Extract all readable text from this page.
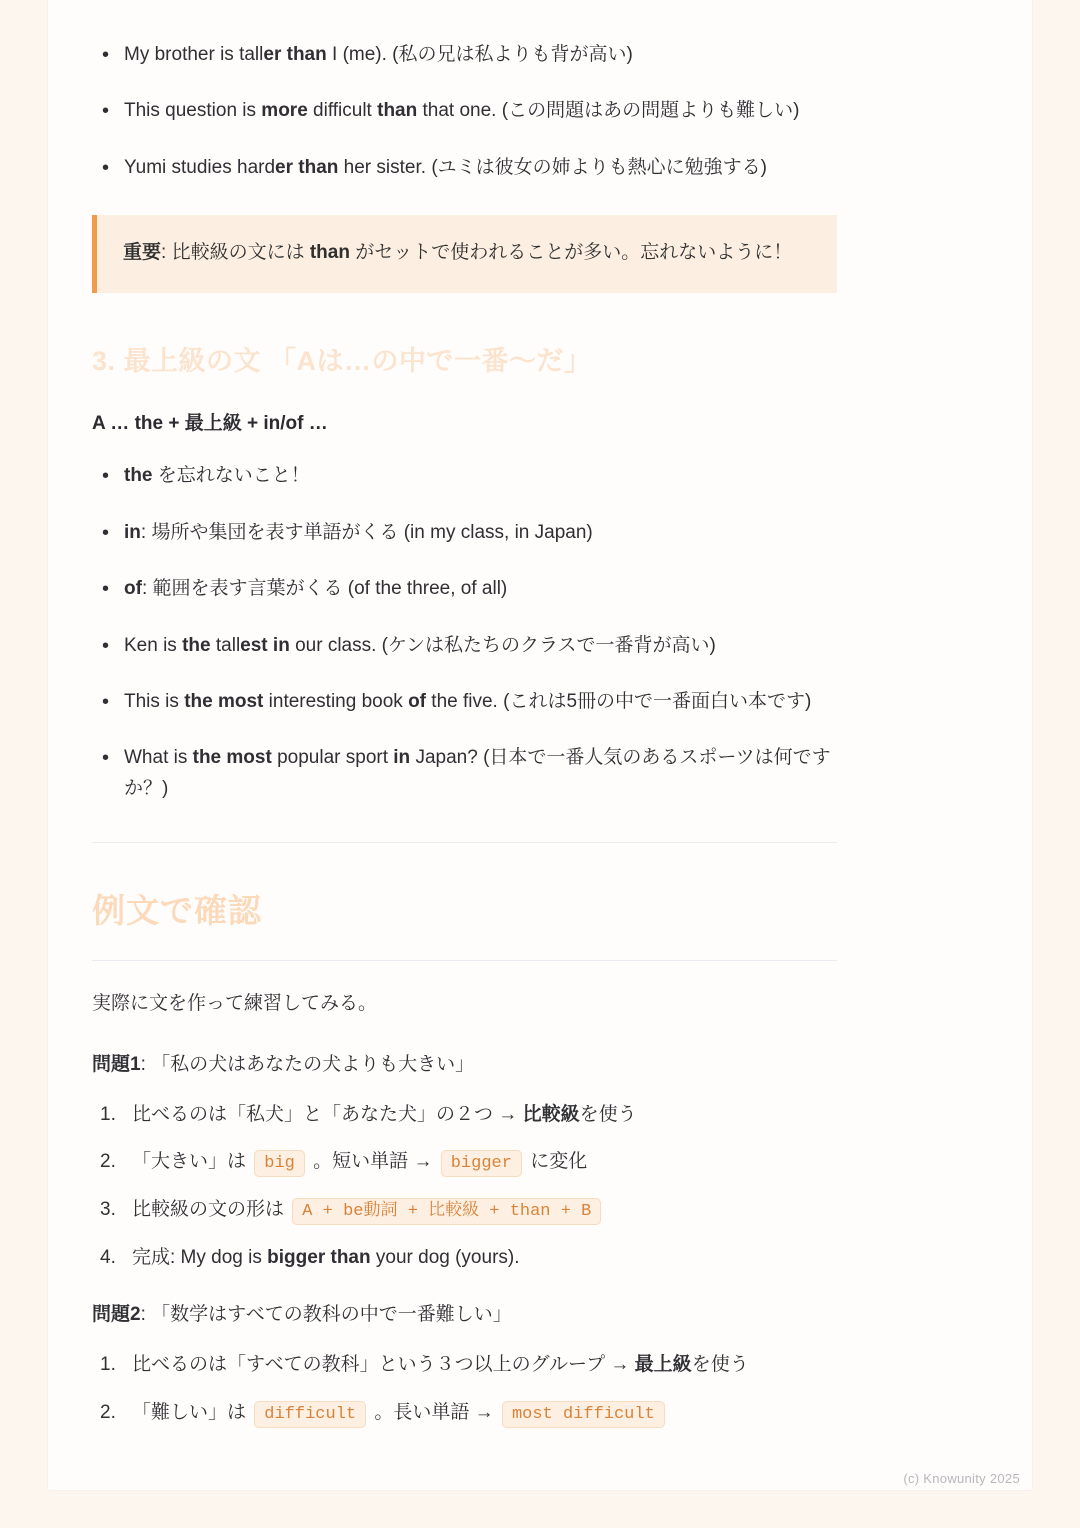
• My brother is taller than I (me). (私の兄は私よりも背が高い)
• This question is more difficult than that one. (この問題はあの問題よりも難しい)
• Yumi studies harder than her sister. (ユミは彼女の姉よりも熱心に勉強する)
重要: 比較級の文には than がセットで使われることが多い。忘れないように！
3. 最上級の文 「Aは…の中で一番〜だ」

A … the + 最上級 + in/of …

• the を忘れないこと！
• in: 場所や集団を表す単語がくる (in my class, in Japan)
• of: 範囲を表す言葉がくる (of the three, of all)
• Ken is the tallest in our class. (ケンは私たちのクラスで一番背が高い)
• This is the most interesting book of the five. (これは5冊の中で一番面白い本です)
• What is the most popular sport in Japan? (日本で一番人気のあるスポーツは何ですか？)
例文で確認

実際に文を作って練習してみる。

問題1: 「私の犬はあなたの犬よりも大きい」

比べるのは「私犬」と「あなた犬」の２つ → 比較級を使う
「大きい」は big 。短い単語 → bigger に変化
比較級の文の形は A + be動詞 + 比較級 + than + B
完成: My dog is bigger than your dog (yours).

問題2: 「数学はすべての教科の中で一番難しい」

比べるのは「すべての教科」という３つ以上のグループ → 最上級を使う
「難しい」は difficult 。長い単語 → most difficult
(c) Knowunity 2025
